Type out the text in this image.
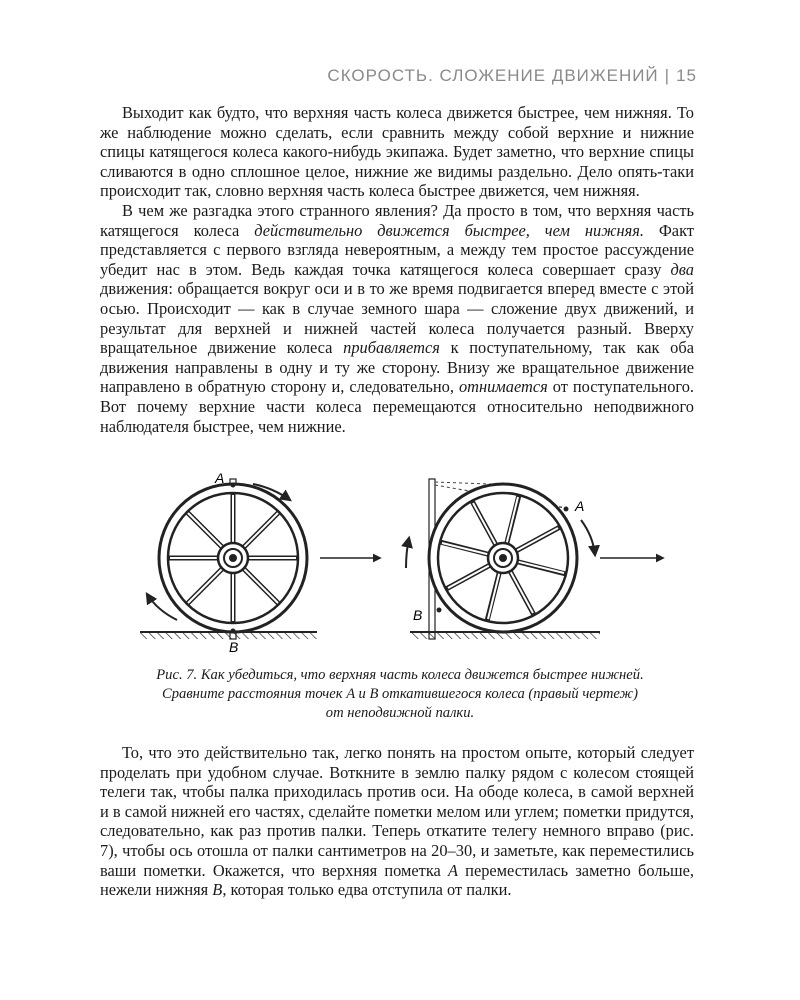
СКОРОСТЬ. СЛОЖЕНИЕ ДВИЖЕНИЙ | 15

Выходит как будто, что верхняя часть колеса движется быстрее, чем нижняя. То же наблюдение можно сделать, если сравнить между собой верхние и нижние спицы катящегося колеса какого-нибудь экипажа. Будет заметно, что верхние спицы сливаются в одно сплошное целое, нижние же видимы раздельно. Дело опять-таки происходит так, словно верхняя часть колеса быстрее движется, чем нижняя.

В чем же разгадка этого странного явления? Да просто в том, что верхняя часть катящегося колеса действительно движется быстрее, чем нижняя. Факт представляется с первого взгляда невероятным, а между тем простое рассуждение убедит нас в этом. Ведь каждая точка катящегося колеса совершает сразу два движения: обращается вокруг оси и в то же время подвигается вперед вместе с этой осью. Происходит — как в случае земного шара — сложение двух движений, и результат для верхней и нижней частей колеса получается разный. Вверху вращательное движение колеса прибавляется к поступательному, так как оба движения направлены в одну и ту же сторону. Внизу же вращательное движение направлено в обратную сторону и, следовательно, отнимается от поступательного. Вот почему верхние части колеса перемещаются относительно неподвижного наблюдателя быстрее, чем нижние.

A
B
A
B
Рис. 7. Как убедиться, что верхняя часть колеса движется быстрее нижней.
Сравните расстояния точек A и B откатившегося колеса (правый чертеж)
от неподвижной палки.

То, что это действительно так, легко понять на простом опыте, который следует проделать при удобном случае. Воткните в землю палку рядом с колесом стоящей телеги так, чтобы палка приходилась против оси. На ободе колеса, в самой верхней и в самой нижней его частях, сделайте пометки мелом или углем; пометки придутся, следовательно, как раз против палки. Теперь откатите телегу немного вправо (рис. 7), чтобы ось отошла от палки сантиметров на 20–30, и заметьте, как переместились ваши пометки. Окажется, что верхняя пометка A переместилась заметно больше, нежели нижняя B, которая только едва отступила от палки.
